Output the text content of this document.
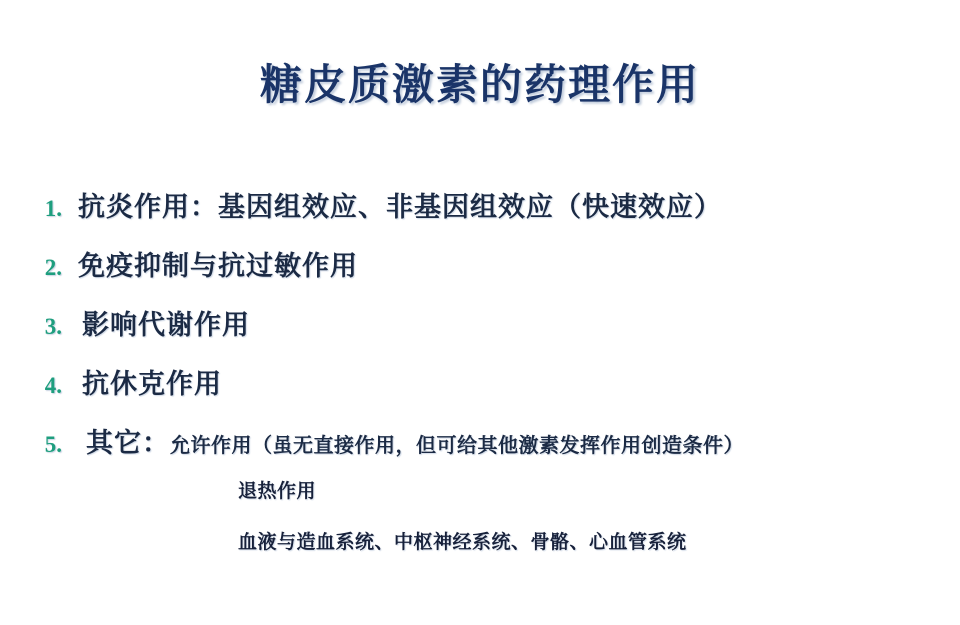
糖皮质激素的药理作用
1. 抗炎作用：基因组效应、非基因组效应（快速效应）
2. 免疫抑制与抗过敏作用
3. 影响代谢作用
4. 抗休克作用
5. 其它：允许作用（虽无直接作用，但可给其他激素发挥作用创造条件）
退热作用
血液与造血系统、中枢神经系统、骨骼、心血管系统
